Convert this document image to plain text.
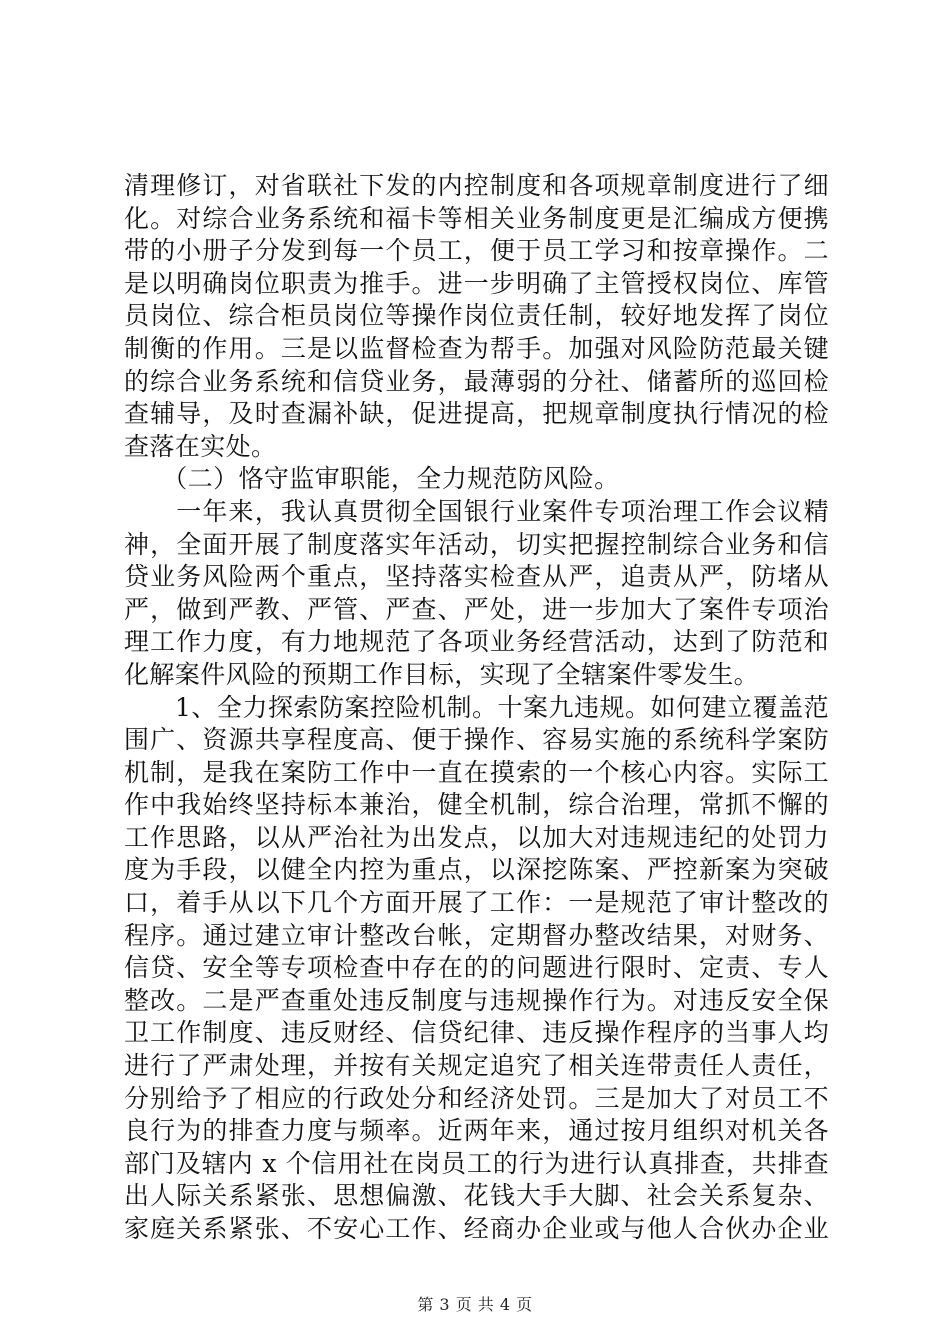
清理修订，对省联社下发的内控制度和各项规章制度进行了细
化。对综合业务系统和福卡等相关业务制度更是汇编成方便携
带的小册子分发到每一个员工，便于员工学习和按章操作。二
是以明确岗位职责为推手。进一步明确了主管授权岗位、库管
员岗位、综合柜员岗位等操作岗位责任制，较好地发挥了岗位
制衡的作用。三是以监督检查为帮手。加强对风险防范最关键
的综合业务系统和信贷业务，最薄弱的分社、储蓄所的巡回检
查辅导，及时查漏补缺，促进提高，把规章制度执行情况的检
查落在实处。
　　（二）恪守监审职能，全力规范防风险。
　　一年来，我认真贯彻全国银行业案件专项治理工作会议精
神，全面开展了制度落实年活动，切实把握控制综合业务和信
贷业务风险两个重点，坚持落实检查从严，追责从严，防堵从
严，做到严教、严管、严查、严处，进一步加大了案件专项治
理工作力度，有力地规范了各项业务经营活动，达到了防范和
化解案件风险的预期工作目标，实现了全辖案件零发生。
　　1、全力探索防案控险机制。十案九违规。如何建立覆盖范
围广、资源共享程度高、便于操作、容易实施的系统科学案防
机制，是我在案防工作中一直在摸索的一个核心内容。实际工
作中我始终坚持标本兼治，健全机制，综合治理，常抓不懈的
工作思路，以从严治社为出发点，以加大对违规违纪的处罚力
度为手段，以健全内控为重点，以深挖陈案、严控新案为突破
口，着手从以下几个方面开展了工作：一是规范了审计整改的
程序。通过建立审计整改台帐，定期督办整改结果，对财务、
信贷、安全等专项检查中存在的的问题进行限时、定责、专人
整改。二是严查重处违反制度与违规操作行为。对违反安全保
卫工作制度、违反财经、信贷纪律、违反操作程序的当事人均
进行了严肃处理，并按有关规定追究了相关连带责任人责任，
分别给予了相应的行政处分和经济处罚。三是加大了对员工不
良行为的排查力度与频率。近两年来，通过按月组织对机关各
部门及辖内 x 个信用社在岗员工的行为进行认真排查，共排查
出人际关系紧张、思想偏激、花钱大手大脚、社会关系复杂、
家庭关系紧张、不安心工作、经商办企业或与他人合伙办企业
第 3 页 共 4 页
